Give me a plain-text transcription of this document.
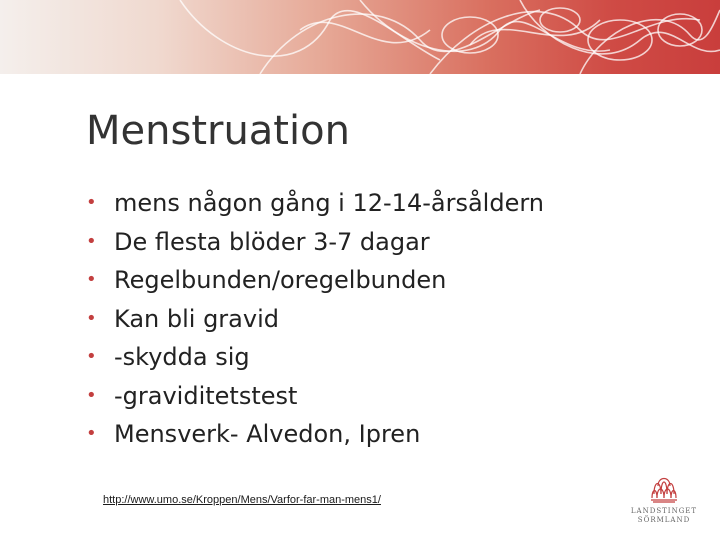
Menstruation
• mens någon gång i 12-14-årsåldern
• De flesta blöder 3-7 dagar
• Regelbunden/oregelbunden
• Kan bli gravid
• -skydda sig
• -graviditetstest
• Mensverk- Alvedon, Ipren
http://www.umo.se/Kroppen/Mens/Varfor-far-man-mens1/
LANDSTINGET
SÖRMLAND
